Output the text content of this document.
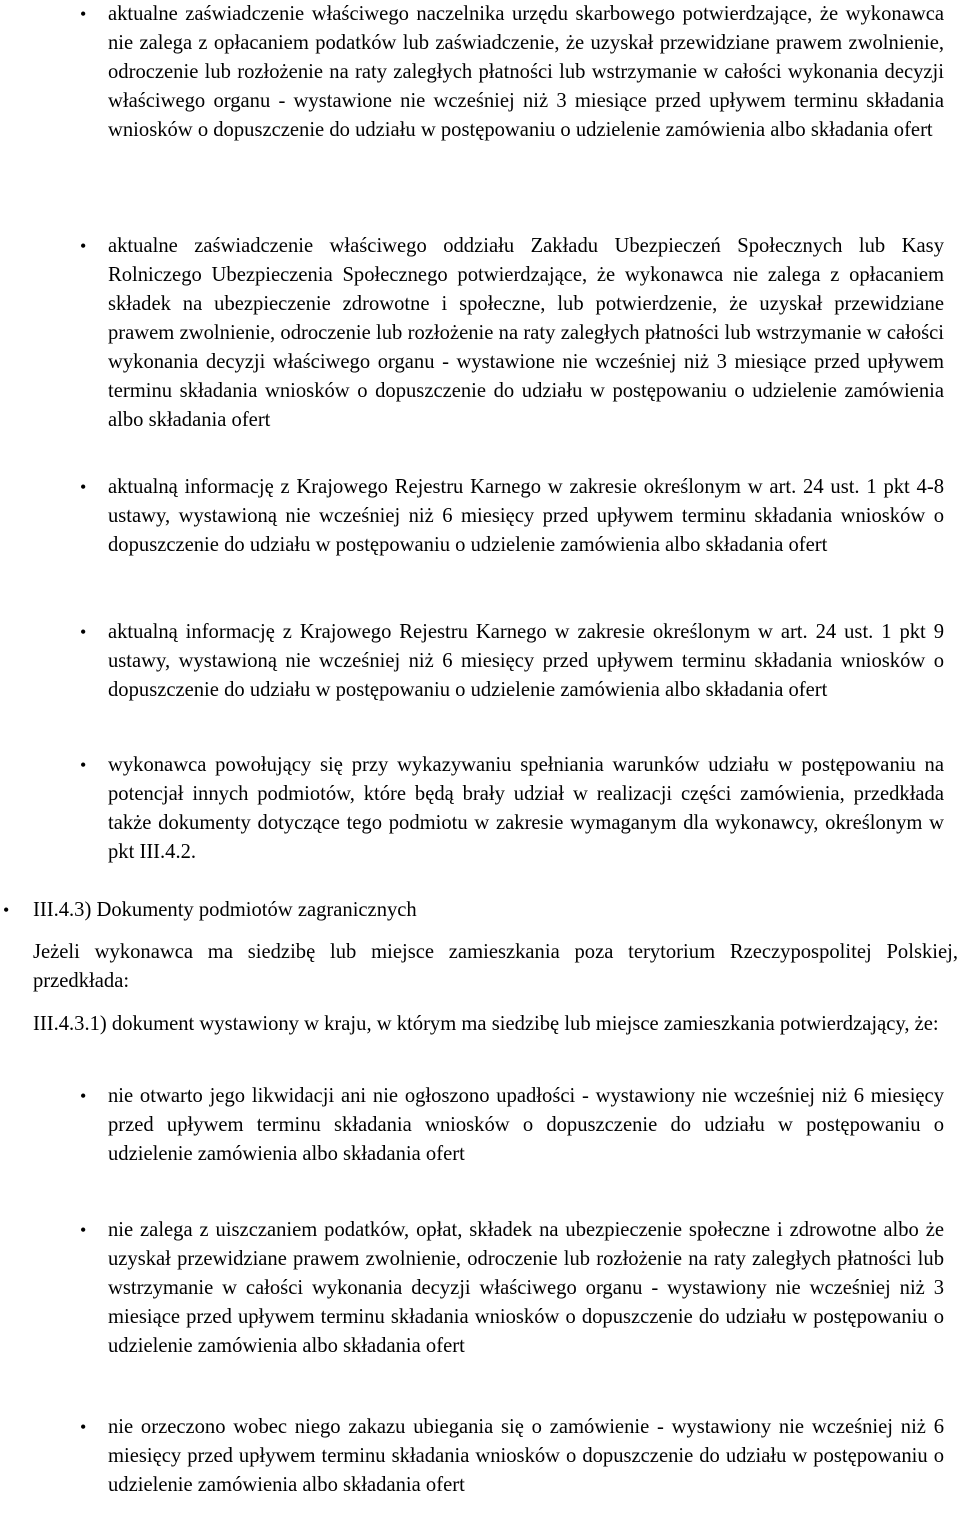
• aktualne zaświadczenie właściwego naczelnika urzędu skarbowego potwierdzające, że wykonawca nie zalega z opłacaniem podatków lub zaświadczenie, że uzyskał przewidziane prawem zwolnienie, odroczenie lub rozłożenie na raty zaległych płatności lub wstrzymanie w całości wykonania decyzji właściwego organu - wystawione nie wcześniej niż 3 miesiące przed upływem terminu składania wniosków o dopuszczenie do udziału w postępowaniu o udzielenie zamówienia albo składania ofert
• aktualne zaświadczenie właściwego oddziału Zakładu Ubezpieczeń Społecznych lub Kasy Rolniczego Ubezpieczenia Społecznego potwierdzające, że wykonawca nie zalega z opłacaniem składek na ubezpieczenie zdrowotne i społeczne, lub potwierdzenie, że uzyskał przewidziane prawem zwolnienie, odroczenie lub rozłożenie na raty zaległych płatności lub wstrzymanie w całości wykonania decyzji właściwego organu - wystawione nie wcześniej niż 3 miesiące przed upływem terminu składania wniosków o dopuszczenie do udziału w postępowaniu o udzielenie zamówienia albo składania ofert
• aktualną informację z Krajowego Rejestru Karnego w zakresie określonym w art. 24 ust. 1 pkt 4-8 ustawy, wystawioną nie wcześniej niż 6 miesięcy przed upływem terminu składania wniosków o dopuszczenie do udziału w postępowaniu o udzielenie zamówienia albo składania ofert
• aktualną informację z Krajowego Rejestru Karnego w zakresie określonym w art. 24 ust. 1 pkt 9 ustawy, wystawioną nie wcześniej niż 6 miesięcy przed upływem terminu składania wniosków o dopuszczenie do udziału w postępowaniu o udzielenie zamówienia albo składania ofert
• wykonawca powołujący się przy wykazywaniu spełniania warunków udziału w postępowaniu na potencjał innych podmiotów, które będą brały udział w realizacji części zamówienia, przedkłada także dokumenty dotyczące tego podmiotu w zakresie wymaganym dla wykonawcy, określonym w pkt III.4.2.
• III.4.3) Dokumenty podmiotów zagranicznych

Jeżeli wykonawca ma siedzibę lub miejsce zamieszkania poza terytorium Rzeczypospolitej Polskiej, przedkłada:

III.4.3.1) dokument wystawiony w kraju, w którym ma siedzibę lub miejsce zamieszkania potwierdzający, że:

• nie otwarto jego likwidacji ani nie ogłoszono upadłości - wystawiony nie wcześniej niż 6 miesięcy przed upływem terminu składania wniosków o dopuszczenie do udziału w postępowaniu o udzielenie zamówienia albo składania ofert
• nie zalega z uiszczaniem podatków, opłat, składek na ubezpieczenie społeczne i zdrowotne albo że uzyskał przewidziane prawem zwolnienie, odroczenie lub rozłożenie na raty zaległych płatności lub wstrzymanie w całości wykonania decyzji właściwego organu - wystawiony nie wcześniej niż 3 miesiące przed upływem terminu składania wniosków o dopuszczenie do udziału w postępowaniu o udzielenie zamówienia albo składania ofert
• nie orzeczono wobec niego zakazu ubiegania się o zamówienie - wystawiony nie wcześniej niż 6 miesięcy przed upływem terminu składania wniosków o dopuszczenie do udziału w postępowaniu o udzielenie zamówienia albo składania ofert
